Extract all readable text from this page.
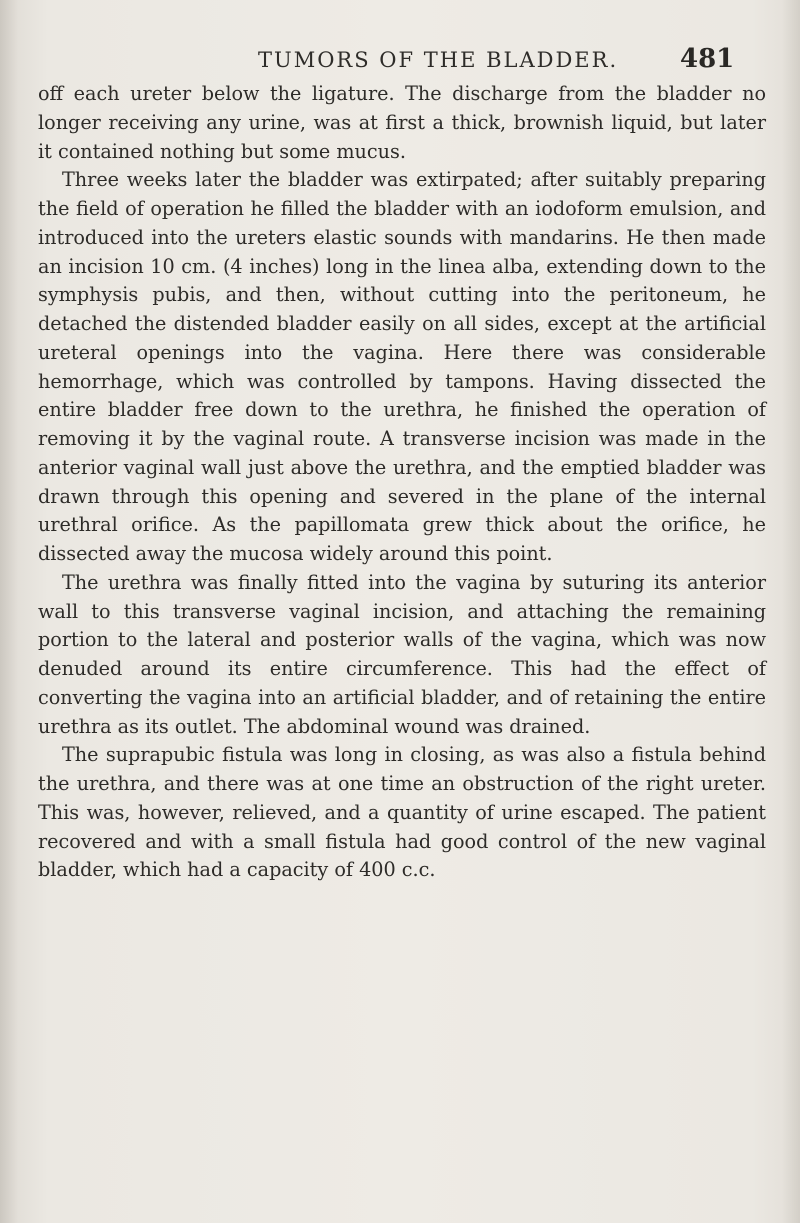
TUMORS OF THE BLADDER. 481

off each ureter below the ligature. The discharge from the bladder no longer receiving any urine, was at first a thick, brownish liquid, but later it contained nothing but some mucus.

Three weeks later the bladder was extirpated; after suitably preparing the field of operation he filled the bladder with an iodoform emulsion, and introduced into the ureters elastic sounds with mandarins. He then made an incision 10 cm. (4 inches) long in the linea alba, extending down to the symphysis pubis, and then, without cutting into the peritoneum, he detached the distended bladder easily on all sides, except at the artificial ureteral openings into the vagina. Here there was considerable hemorrhage, which was controlled by tampons. Having dissected the entire bladder free down to the urethra, he finished the operation of removing it by the vaginal route. A transverse incision was made in the anterior vaginal wall just above the urethra, and the emptied bladder was drawn through this opening and severed in the plane of the internal urethral orifice. As the papillomata grew thick about the orifice, he dissected away the mucosa widely around this point.

The urethra was finally fitted into the vagina by suturing its anterior wall to this transverse vaginal incision, and attaching the remaining portion to the lateral and posterior walls of the vagina, which was now denuded around its entire circumference. This had the effect of converting the vagina into an artificial bladder, and of retaining the entire urethra as its outlet. The abdominal wound was drained.

The suprapubic fistula was long in closing, as was also a fistula behind the urethra, and there was at one time an obstruction of the right ureter. This was, however, relieved, and a quantity of urine escaped. The patient recovered and with a small fistula had good control of the new vaginal bladder, which had a capacity of 400 c.c.
